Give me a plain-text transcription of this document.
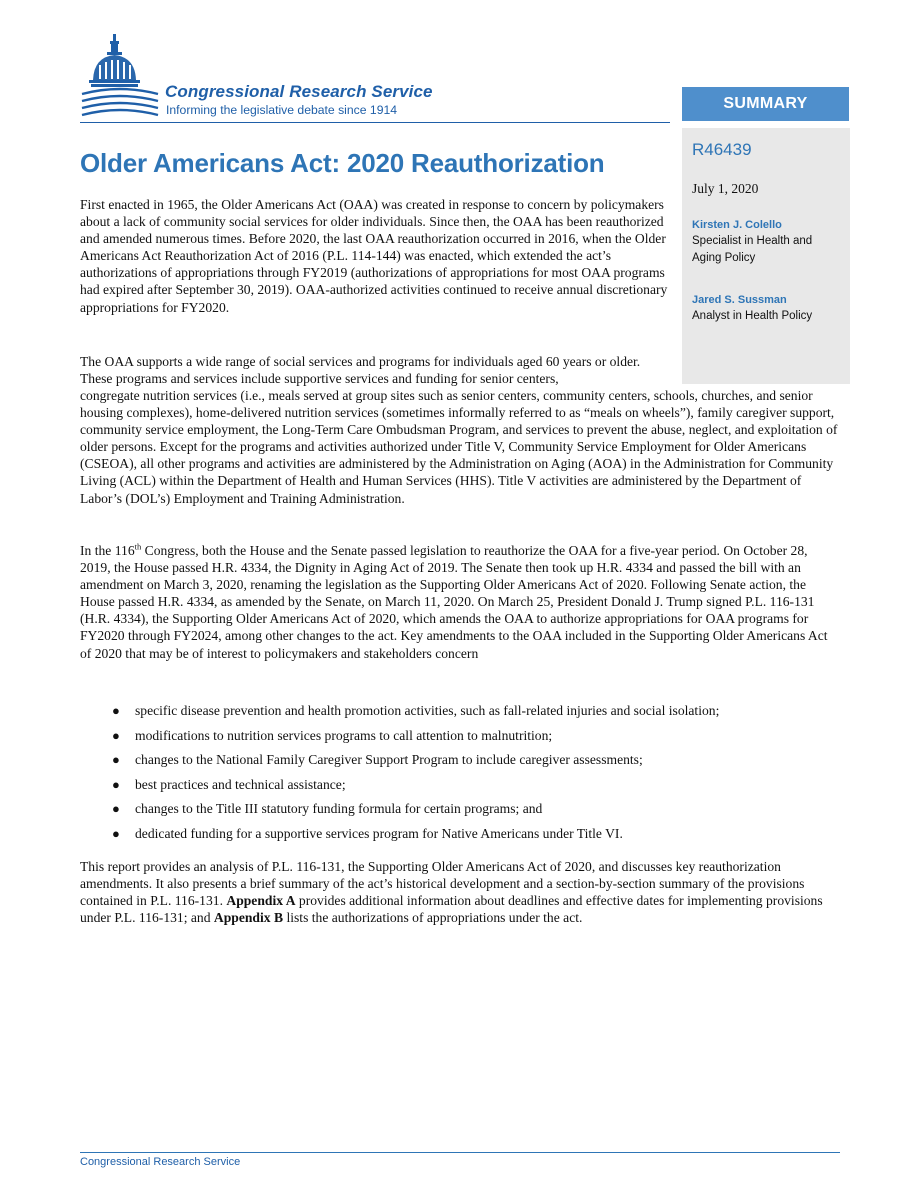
Congressional Research Service
Informing the legislative debate since 1914	SUMMARY
R46439
July 1, 2020
Kirsten J. Colello
Specialist in Health and Aging Policy
Jared S. Sussman
Analyst in Health Policy
Older Americans Act: 2020 Reauthorization

First enacted in 1965, the Older Americans Act (OAA) was created in response to concern by policymakers about a lack of community social services for older individuals. Since then, the OAA has been reauthorized and amended numerous times. Before 2020, the last OAA reauthorization occurred in 2016, when the Older Americans Act Reauthorization Act of 2016 (P.L. 114-144) was enacted, which extended the act’s authorizations of appropriations through FY2019 (authorizations of appropriations for most OAA programs had expired after September 30, 2019). OAA-authorized activities continued to receive annual discretionary appropriations for FY2020.

The OAA supports a wide range of social services and programs for individuals aged 60 years or older. These programs and services include supportive services and funding for senior centers,

congregate nutrition services (i.e., meals served at group sites such as senior centers, community centers, schools, churches, and senior housing complexes), home-delivered nutrition services (sometimes informally referred to as “meals on wheels”), family caregiver support, community service employment, the Long-Term Care Ombudsman Program, and services to prevent the abuse, neglect, and exploitation of older persons. Except for the programs and activities authorized under Title V, Community Service Employment for Older Americans (CSEOA), all other programs and activities are administered by the Administration on Aging (AOA) in the Administration for Community Living (ACL) within the Department of Health and Human Services (HHS). Title V activities are administered by the Department of Labor’s (DOL’s) Employment and Training Administration.

In the 116th Congress, both the House and the Senate passed legislation to reauthorize the OAA for a five-year period. On October 28, 2019, the House passed H.R. 4334, the Dignity in Aging Act of 2019. The Senate then took up H.R. 4334 and passed the bill with an amendment on March 3, 2020, renaming the legislation as the Supporting Older Americans Act of 2020. Following Senate action, the House passed H.R. 4334, as amended by the Senate, on March 11, 2020. On March 25, President Donald J. Trump signed P.L. 116-131 (H.R. 4334), the Supporting Older Americans Act of 2020, which amends the OAA to authorize appropriations for OAA programs for FY2020 through FY2024, among other changes to the act. Key amendments to the OAA included in the Supporting Older Americans Act of 2020 that may be of interest to policymakers and stakeholders concern

● specific disease prevention and health promotion activities, such as fall-related injuries and social isolation;
● modifications to nutrition services programs to call attention to malnutrition;
● changes to the National Family Caregiver Support Program to include caregiver assessments;
● best practices and technical assistance;
● changes to the Title III statutory funding formula for certain programs; and
● dedicated funding for a supportive services program for Native Americans under Title VI.

This report provides an analysis of P.L. 116-131, the Supporting Older Americans Act of 2020, and discusses key reauthorization amendments. It also presents a brief summary of the act’s historical development and a section-by-section summary of the provisions contained in P.L. 116-131. Appendix A provides additional information about deadlines and effective dates for implementing provisions under P.L. 116-131; and Appendix B lists the authorizations of appropriations under the act.

Congressional Research Service
